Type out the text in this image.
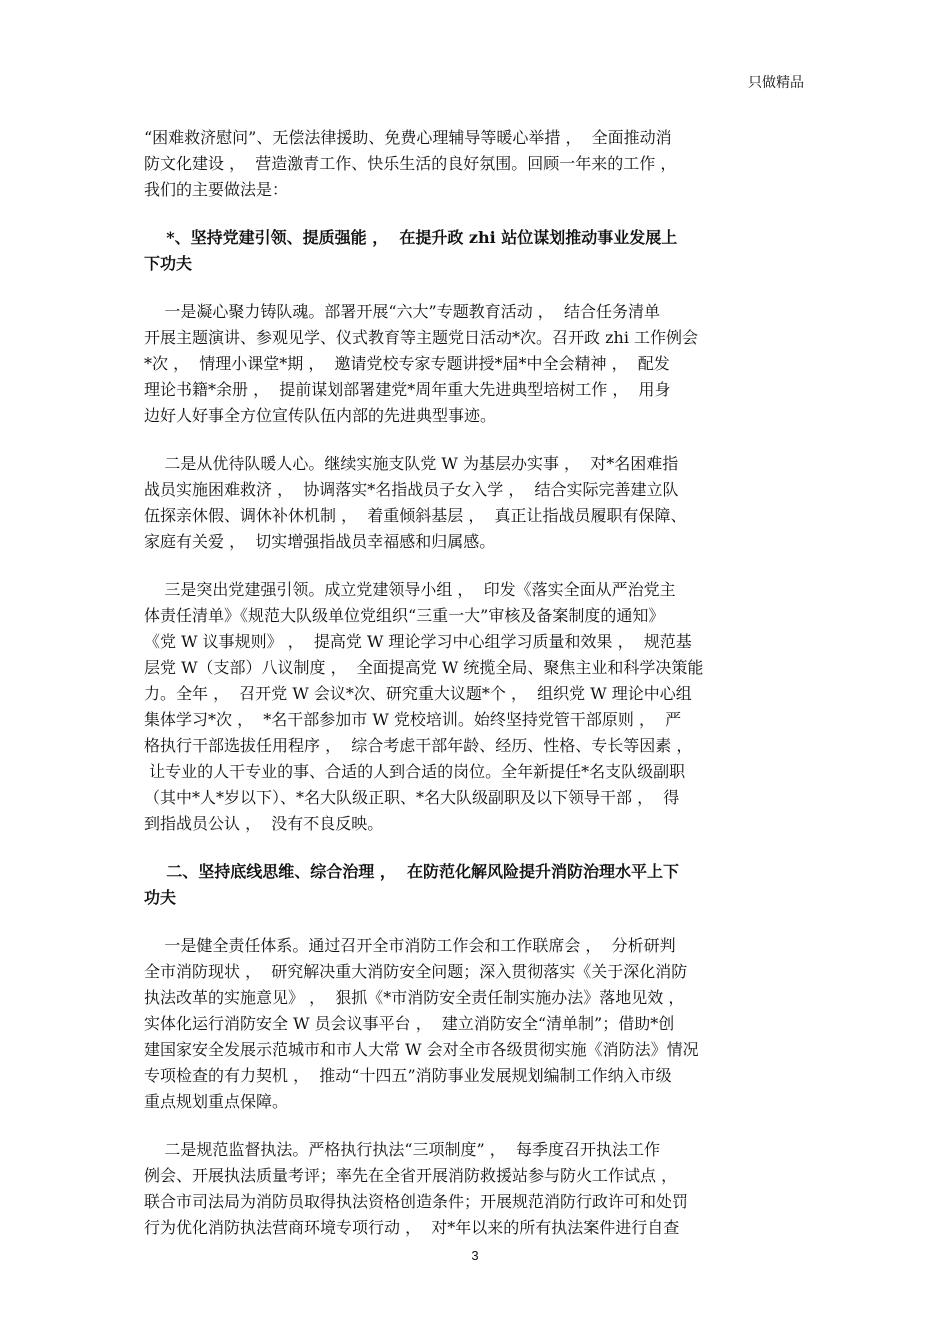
只做精品
“困难救济慰问”、无偿法律援助、免费心理辅导等暖心举措 ，  全面推动消
防文化建设 ，  营造激青工作、快乐生活的良好氛围。回顾一年来的工作 ，
我们的主要做法是：
*、坚持党建引领、提质强能 ，  在提升政 zhi 站位谋划推动事业发展上
下功夫
一是凝心聚力铸队魂。部署开展“六大”专题教育活动 ，  结合任务清单
开展主题演讲、参观见学、仪式教育等主题党日活动*次。召开政 zhi 工作例会
*次 ，  情理小课堂*期 ，  邀请党校专家专题讲授*届*中全会精神 ，  配发
理论书籍*余册 ，  提前谋划部署建党*周年重大先进典型培树工作 ，  用身
边好人好事全方位宣传队伍内部的先进典型事迹。
二是从优待队暖人心。继续实施支队党 W 为基层办实事 ，  对*名困难指
战员实施困难救济 ，  协调落实*名指战员子女入学 ，  结合实际完善建立队
伍探亲休假、调休补休机制 ，  着重倾斜基层 ，  真正让指战员履职有保障、
家庭有关爱 ，  切实增强指战员幸福感和归属感。
三是突出党建强引领。成立党建领导小组 ，  印发《落实全面从严治党主
体责任清单》《规范大队级单位党组织“三重一大”审核及备案制度的通知》
《党 W 议事规则》 ，  提高党 W 理论学习中心组学习质量和效果 ，  规范基
层党 W（支部）八议制度 ，  全面提高党 W 统揽全局、聚焦主业和科学决策能
力。全年 ，  召开党 W 会议*次、研究重大议题*个 ，  组织党 W 理论中心组
集体学习*次 ，  *名干部参加市 W 党校培训。始终坚持党管干部原则 ，  严
格执行干部选拔任用程序 ，  综合考虑干部年龄、经历、性格、专长等因素 ，
让专业的人干专业的事、合适的人到合适的岗位。全年新提任*名支队级副职
（其中*人*岁以下）、*名大队级正职、*名大队级副职及以下领导干部 ，  得
到指战员公认 ，  没有不良反映。
二、坚持底线思维、综合治理 ，  在防范化解风险提升消防治理水平上下
功夫
一是健全责任体系。通过召开全市消防工作会和工作联席会 ，  分析研判
全市消防现状 ，  研究解决重大消防安全问题；深入贯彻落实《关于深化消防
执法改革的实施意见》 ，  狠抓《*市消防安全责任制实施办法》落地见效 ，
实体化运行消防安全 W 员会议事平台 ，  建立消防安全“清单制”；借助*创
建国家安全发展示范城市和市人大常 W 会对全市各级贯彻实施《消防法》情况
专项检查的有力契机 ，  推动“十四五”消防事业发展规划编制工作纳入市级
重点规划重点保障。
二是规范监督执法。严格执行执法“三项制度” ，  每季度召开执法工作
例会、开展执法质量考评；率先在全省开展消防救援站参与防火工作试点 ，
联合市司法局为消防员取得执法资格创造条件；开展规范消防行政许可和处罚
行为优化消防执法营商环境专项行动 ，  对*年以来的所有执法案件进行自查
3
